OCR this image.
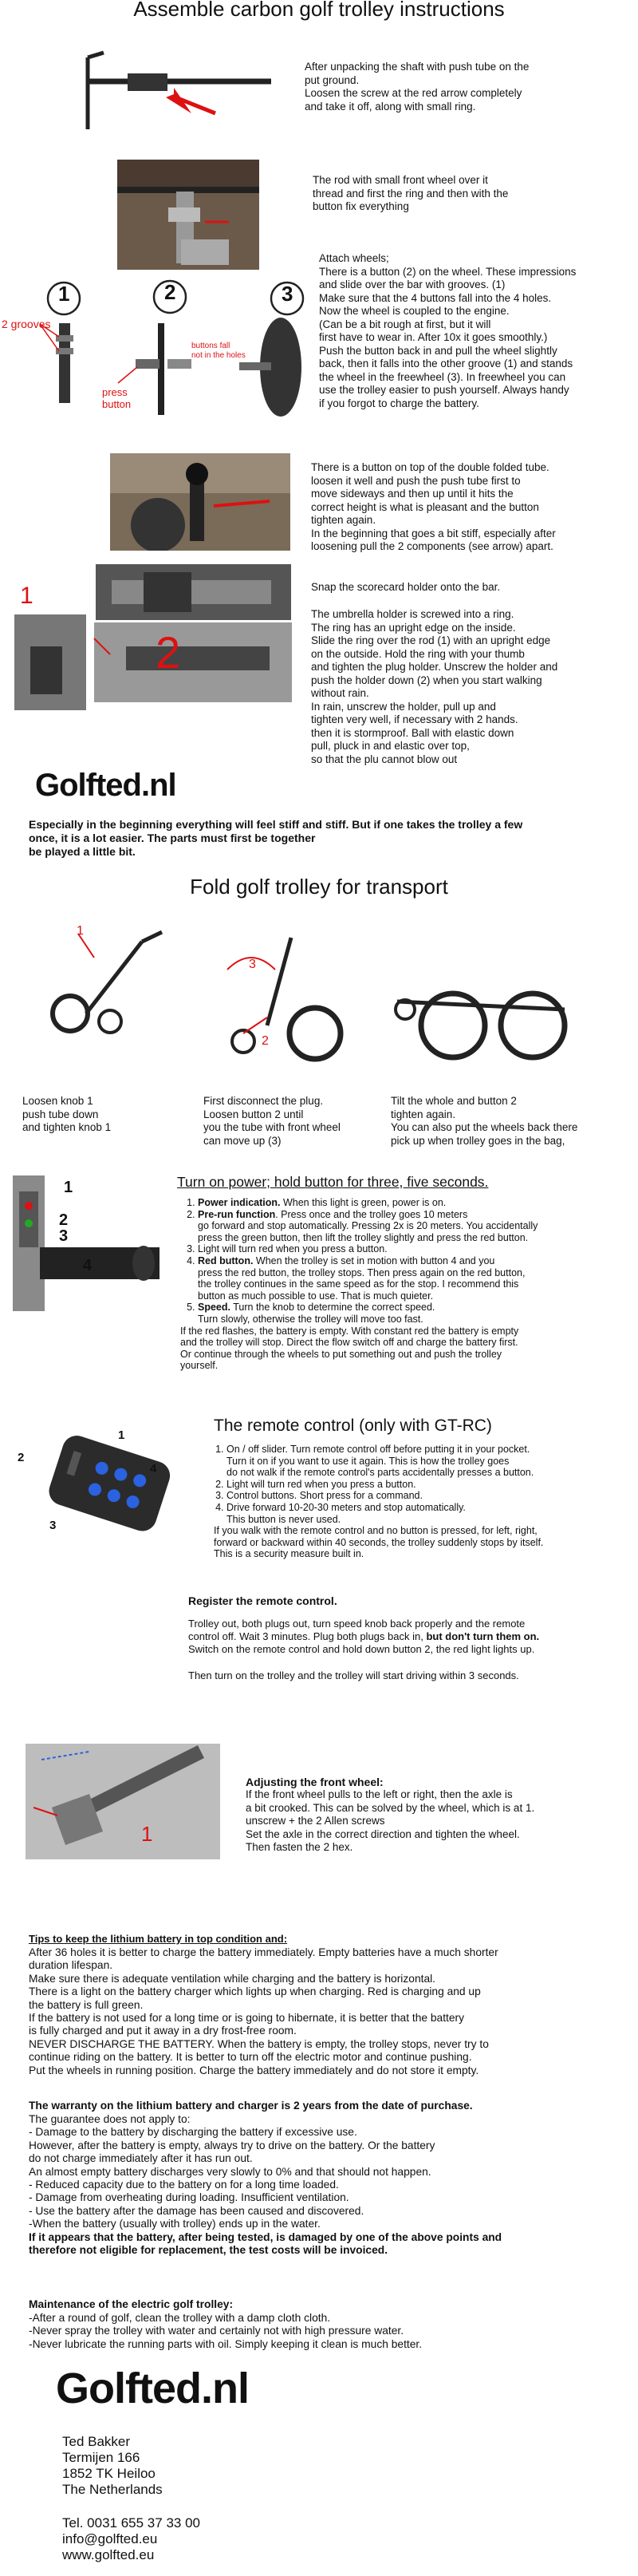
Assemble carbon golf trolley instructions
After unpacking the shaft with push tube on the
put ground.
Loosen the screw at the red arrow completely
and take it off, along with small ring.
The rod with small front wheel over it
thread and first the ring and then with the
button fix everything
1	2	3
2 grooves
press
button
buttons fall
not in the holes
Attach wheels;
There is a button (2) on the wheel. These impressions
and slide over the bar with grooves. (1)
Make sure that the 4 buttons fall into the 4 holes.
Now the wheel is coupled to the engine.
(Can be a bit rough at first, but it will
first have to wear in. After 10x it goes smoothly.)
Push the button back in and pull the wheel slightly
back, then it falls into the other groove (1) and stands
the wheel in the freewheel (3). In freewheel you can
use the trolley easier to push yourself. Always handy
if you forgot to charge the battery.
There is a button on top of the double folded tube.
loosen it well and push the push tube first to
move sideways and then up until it hits the
correct height is what is pleasant and the button
tighten again.
In the beginning that goes a bit stiff, especially after
loosening pull the 2 components (see arrow) apart.
1
2
Snap the scorecard holder onto the bar.
The umbrella holder is screwed into a ring.
The ring has an upright edge on the inside.
Slide the ring over the rod (1) with an upright edge
on the outside. Hold the ring with your thumb
and tighten the plug holder. Unscrew the holder and
push the holder down (2) when you start walking
without rain.
In rain, unscrew the holder, pull up and
tighten very well, if necessary with 2 hands.
then it is stormproof. Ball with elastic down
pull, pluck in and elastic over top,
so that the plu cannot blow out
Golfted.nl
Especially in the beginning everything will feel stiff and stiff. But if one takes the trolley a few
once, it is a lot easier. The parts must first be together
be played a little bit.
Fold golf trolley for transport
1
3
2
Loosen knob 1
push tube down
and tighten knob 1
First disconnect the plug.
Loosen button 2 until
you the tube with front wheel
can move up (3)
Tilt the whole and button 2
tighten again.
You can also put the wheels back there
pick up when trolley goes in the bag,
1
2
3
4
Turn on power; hold button for three, five seconds.
1. Power indication. When this light is green, power is on.
2. Pre-run function. Press once and the trolley goes 10 meters
go forward and stop automatically. Pressing 2x is 20 meters. You accidentally
press the green button, then lift the trolley slightly and press the red button.
3. Light will turn red when you press a button.
4. Red button. When the trolley is set in motion with button 4 and you
press the red button, the trolley stops. Then press again on the red button,
the trolley continues in the same speed as for the stop. I recommend this
button as much possible to use. That is much quieter.
5. Speed. Turn the knob to determine the correct speed.
Turn slowly, otherwise the trolley will move too fast.
If the red flashes, the battery is empty. With constant red the battery is empty
and the trolley will stop. Direct the flow switch off and charge the battery first.
Or continue through the wheels to put something out and push the trolley
yourself.
1
2
3
4
The remote control (only with GT-RC)
1. On / off slider. Turn remote control off before putting it in your pocket.
Turn it on if you want to use it again. This is how the trolley goes
do not walk if the remote control's parts accidentally presses a button.
2. Light will turn red when you press a button.
3. Control buttons. Short press for a command.
4. Drive forward 10-20-30 meters and stop automatically.
This button is never used.
If you walk with the remote control and no button is pressed, for left, right,
forward or backward within 40 seconds, the trolley suddenly stops by itself.
This is a security measure built in.
Register the remote control.
Trolley out, both plugs out, turn speed knob back properly and the remote
control off. Wait 3 minutes. Plug both plugs back in, but don't turn them on.
Switch on the remote control and hold down button 2, the red light lights up.
Then turn on the trolley and the trolley will start driving within 3 seconds.
1
Adjusting the front wheel:
If the front wheel pulls to the left or right, then the axle is
a bit crooked. This can be solved by the wheel, which is at 1.
unscrew + the 2 Allen screws
Set the axle in the correct direction and tighten the wheel.
Then fasten the 2 hex.
Tips to keep the lithium battery in top condition and:
After 36 holes it is better to charge the battery immediately. Empty batteries have a much shorter
duration lifespan.
Make sure there is adequate ventilation while charging and the battery is horizontal.
There is a light on the battery charger which lights up when charging. Red is charging and up
the battery is full green.
If the battery is not used for a long time or is going to hibernate, it is better that the battery
is fully charged and put it away in a dry frost-free room.
NEVER DISCHARGE THE BATTERY. When the battery is empty, the trolley stops, never try to
continue riding on the battery. It is better to turn off the electric motor and continue pushing.
Put the wheels in running position. Charge the battery immediately and do not store it empty.
The warranty on the lithium battery and charger is 2 years from the date of purchase.
The guarantee does not apply to:
- Damage to the battery by discharging the battery if excessive use.
However, after the battery is empty, always try to drive on the battery. Or the battery
do not charge immediately after it has run out.
An almost empty battery discharges very slowly to 0% and that should not happen.
- Reduced capacity due to the battery on for a long time loaded.
- Damage from overheating during loading. Insufficient ventilation.
- Use the battery after the damage has been caused and discovered.
-When the battery (usually with trolley) ends up in the water.
If it appears that the battery, after being tested, is damaged by one of the above points and
therefore not eligible for replacement, the test costs will be invoiced.
Maintenance of the electric golf trolley:
-After a round of golf, clean the trolley with a damp cloth cloth.
-Never spray the trolley with water and certainly not with high pressure water.
-Never lubricate the running parts with oil. Simply keeping it clean is much better.
Golfted.nl
Ted Bakker
Termijen 166
1852 TK Heiloo
The Netherlands
Tel. 0031 655 37 33 00
info@golfted.eu
www.golfted.eu
